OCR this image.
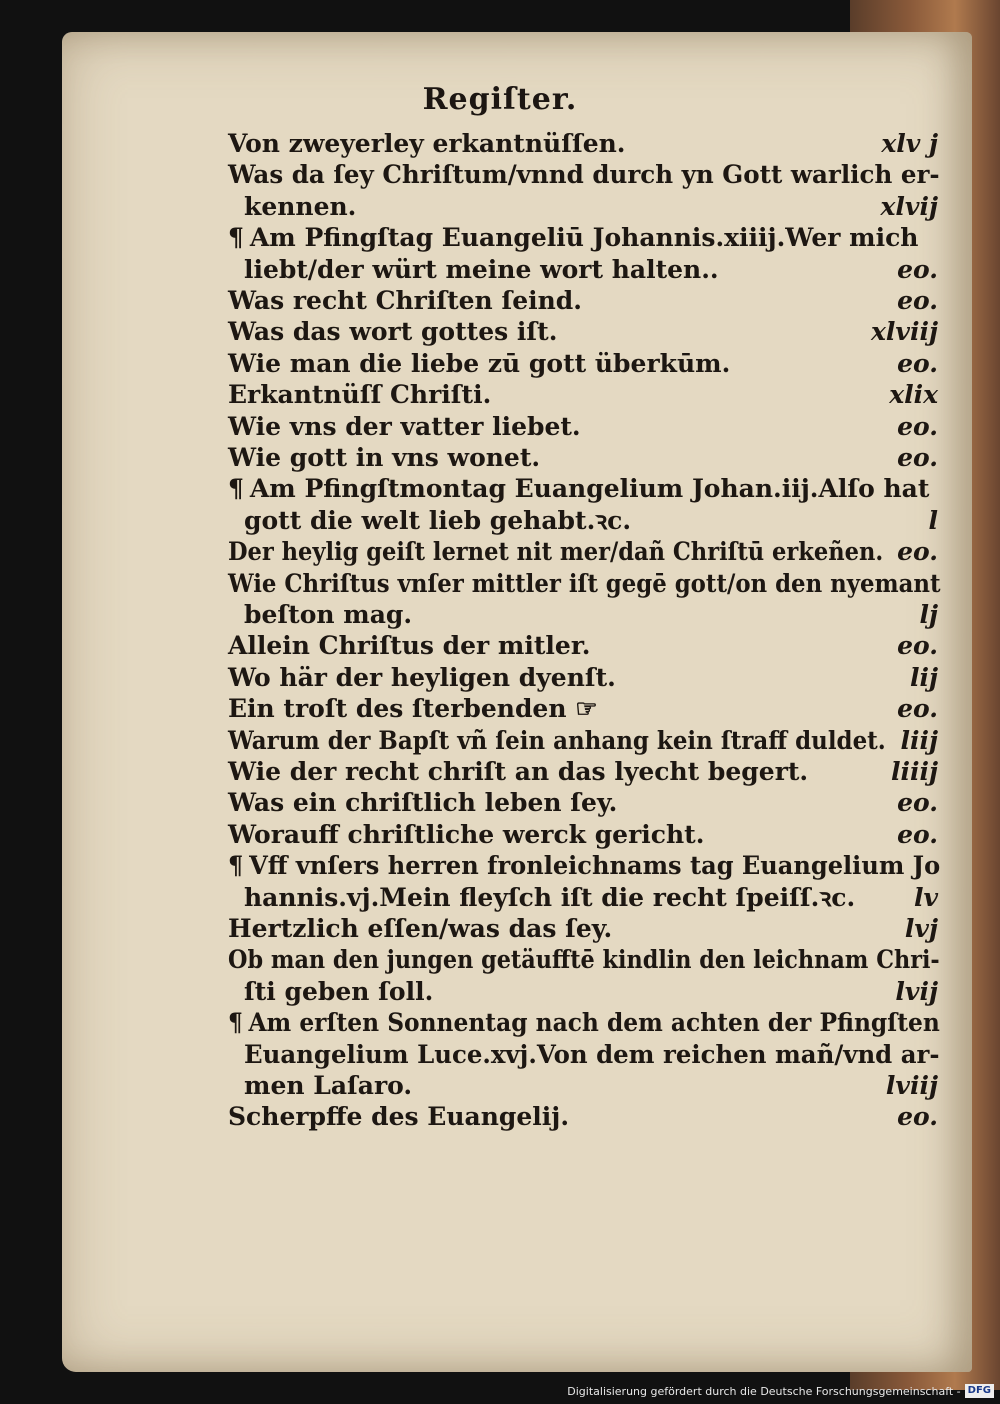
Regiſter.
Von zweyerley erkantnüſſen.	xlv j
Was da ſey Chriſtum/vnnd durch yn Gott warlich er‑
kennen.	xlvij
¶ Am Pfingſtag Euangeliū Johannis.xiiij.Wer mich
liebt/der würt meine wort halten..	eo.
Was recht Chriſten ſeind.	eo.
Was das wort gottes iſt.	xlviij
Wie man die liebe zū gott überkūm.	eo.
Erkantnüſſ Chriſti.	xlix
Wie vns der vatter liebet.	eo.
Wie gott in vns wonet.	eo.
¶ Am Pfingſtmontag Euangelium Johan.iij.Alſo hat
gott die welt lieb gehabt.ꝛc.	l
Der heylig geiſt lernet nit mer/dañ Chriſtū erkeñen. eo.
Wie Chriſtus vnſer mittler iſt gegē gott/on den nyemant
beſton mag.	lj
Allein Chriſtus der mitler.	eo.
Wo här der heyligen dyenſt.	lij
Ein troſt des ſterbenden ☞	eo.
Warum der Bapſt vñ ſein anhang kein ſtraff duldet. liij
Wie der recht chriſt an das lyecht begert.	liiij
Was ein chriſtlich leben ſey.	eo.
Worauff chriſtliche werck gericht.	eo.
¶ Vff vnſers herren fronleichnams tag Euangelium Jo
hannis.vj.Mein fleyſch iſt die recht ſpeiſſ.ꝛc. lv
Hertzlich eſſen/was das ſey.	lvj
Ob man den jungen getäufftē kindlin den leichnam Chri‑
ſti geben ſoll.	lvij
¶ Am erſten Sonnentag nach dem achten der Pfingſten
Euangelium Luce.xvj.Von dem reichen mañ/vnd ar‑
men Laſaro.	lviij
Scherpffe des Euangelij.	eo.
Digitalisierung gefördert durch die Deutsche Forschungsgemeinschaft - DFG
